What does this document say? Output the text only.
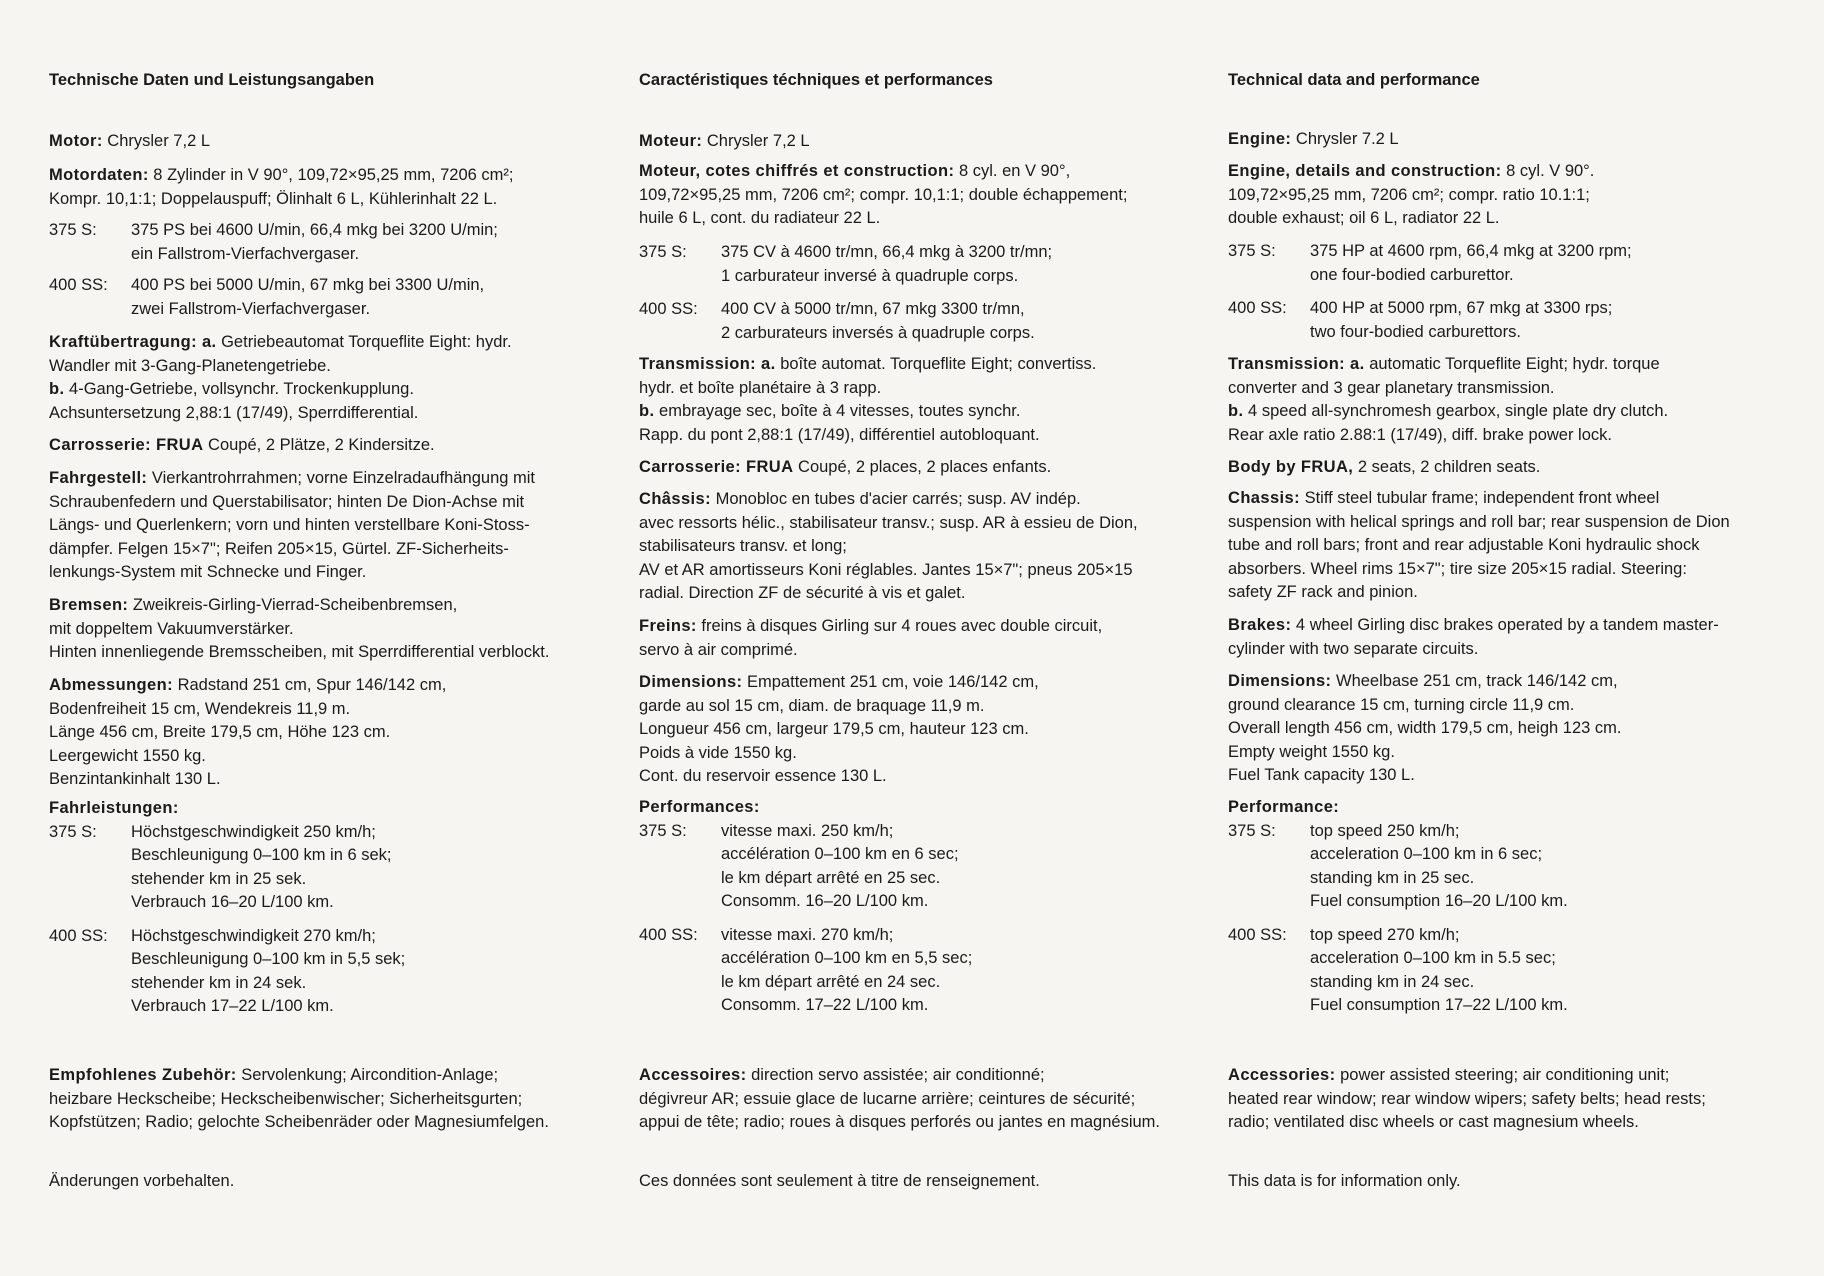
Technische Daten und Leistungsangaben
Motor: Chrysler 7,2 L
Motordaten: 8 Zylinder in V 90°, 109,72×95,25 mm, 7206 cm²;
Kompr. 10,1:1; Doppelauspuff; Ölinhalt 6 L, Kühlerinhalt 22 L.
375 S:	375 PS bei 4600 U/min, 66,4 mkg bei 3200 U/min;
ein Fallstrom-Vierfachvergaser.
400 SS:	400 PS bei 5000 U/min, 67 mkg bei 3300 U/min,
zwei Fallstrom-Vierfachvergaser.
Kraftübertragung: a. Getriebeautomat Torqueflite Eight: hydr.
Wandler mit 3-Gang-Planetengetriebe.
b. 4-Gang-Getriebe, vollsynchr. Trockenkupplung.
Achsuntersetzung 2,88:1 (17/49), Sperrdifferential.
Carrosserie: FRUA Coupé, 2 Plätze, 2 Kindersitze.
Fahrgestell: Vierkantrohrrahmen; vorne Einzelradaufhängung mit
Schraubenfedern und Querstabilisator; hinten De Dion-Achse mit
Längs- und Querlenkern; vorn und hinten verstellbare Koni-Stoss-
dämpfer. Felgen 15×7"; Reifen 205×15, Gürtel. ZF-Sicherheits-
lenkungs-System mit Schnecke und Finger.
Bremsen: Zweikreis-Girling-Vierrad-Scheibenbremsen,
mit doppeltem Vakuumverstärker.
Hinten innenliegende Bremsscheiben, mit Sperrdifferential verblockt.
Abmessungen: Radstand 251 cm, Spur 146/142 cm,
Bodenfreiheit 15 cm, Wendekreis 11,9 m.
Länge 456 cm, Breite 179,5 cm, Höhe 123 cm.
Leergewicht 1550 kg.
Benzintankinhalt 130 L.
Fahrleistungen:
375 S:	Höchstgeschwindigkeit 250 km/h;
Beschleunigung 0–100 km in 6 sek;
stehender km in 25 sek.
Verbrauch 16–20 L/100 km.
400 SS:	Höchstgeschwindigkeit 270 km/h;
Beschleunigung 0–100 km in 5,5 sek;
stehender km in 24 sek.
Verbrauch 17–22 L/100 km.
Empfohlenes Zubehör: Servolenkung; Aircondition-Anlage;
heizbare Heckscheibe; Heckscheibenwischer; Sicherheitsgurten;
Kopfstützen; Radio; gelochte Scheibenräder oder Magnesiumfelgen.
Änderungen vorbehalten.
Caractéristiques téchniques et performances
Moteur: Chrysler 7,2 L
Moteur, cotes chiffrés et construction: 8 cyl. en V 90°,
109,72×95,25 mm, 7206 cm²; compr. 10,1:1; double échappement;
huile 6 L, cont. du radiateur 22 L.
375 S:	375 CV à 4600 tr/mn, 66,4 mkg à 3200 tr/mn;
1 carburateur inversé à quadruple corps.
400 SS:	400 CV à 5000 tr/mn, 67 mkg 3300 tr/mn,
2 carburateurs inversés à quadruple corps.
Transmission: a. boîte automat. Torqueflite Eight; convertiss.
hydr. et boîte planétaire à 3 rapp.
b. embrayage sec, boîte à 4 vitesses, toutes synchr.
Rapp. du pont 2,88:1 (17/49), différentiel autobloquant.
Carrosserie: FRUA Coupé, 2 places, 2 places enfants.
Châssis: Monobloc en tubes d'acier carrés; susp. AV indép.
avec ressorts hélic., stabilisateur transv.; susp. AR à essieu de Dion,
stabilisateurs transv. et long;
AV et AR amortisseurs Koni réglables. Jantes 15×7"; pneus 205×15
radial. Direction ZF de sécurité à vis et galet.
Freins: freins à disques Girling sur 4 roues avec double circuit,
servo à air comprimé.
Dimensions: Empattement 251 cm, voie 146/142 cm,
garde au sol 15 cm, diam. de braquage 11,9 m.
Longueur 456 cm, largeur 179,5 cm, hauteur 123 cm.
Poids à vide 1550 kg.
Cont. du reservoir essence 130 L.
Performances:
375 S:	vitesse maxi. 250 km/h;
accélération 0–100 km en 6 sec;
le km départ arrêté en 25 sec.
Consomm. 16–20 L/100 km.
400 SS:	vitesse maxi. 270 km/h;
accélération 0–100 km en 5,5 sec;
le km départ arrêté en 24 sec.
Consomm. 17–22 L/100 km.
Accessoires: direction servo assistée; air conditionné;
dégivreur AR; essuie glace de lucarne arrière; ceintures de sécurité;
appui de tête; radio; roues à disques perforés ou jantes en magnésium.
Ces données sont seulement à titre de renseignement.
Technical data and performance
Engine: Chrysler 7.2 L
Engine, details and construction: 8 cyl. V 90°.
109,72×95,25 mm, 7206 cm²; compr. ratio 10.1:1;
double exhaust; oil 6 L, radiator 22 L.
375 S:	375 HP at 4600 rpm, 66,4 mkg at 3200 rpm;
one four-bodied carburettor.
400 SS:	400 HP at 5000 rpm, 67 mkg at 3300 rps;
two four-bodied carburettors.
Transmission: a. automatic Torqueflite Eight; hydr. torque
converter and 3 gear planetary transmission.
b. 4 speed all-synchromesh gearbox, single plate dry clutch.
Rear axle ratio 2.88:1 (17/49), diff. brake power lock.
Body by FRUA, 2 seats, 2 children seats.
Chassis: Stiff steel tubular frame; independent front wheel
suspension with helical springs and roll bar; rear suspension de Dion
tube and roll bars; front and rear adjustable Koni hydraulic shock
absorbers. Wheel rims 15×7"; tire size 205×15 radial. Steering:
safety ZF rack and pinion.
Brakes: 4 wheel Girling disc brakes operated by a tandem master-
cylinder with two separate circuits.
Dimensions: Wheelbase 251 cm, track 146/142 cm,
ground clearance 15 cm, turning circle 11,9 cm.
Overall length 456 cm, width 179,5 cm, heigh 123 cm.
Empty weight 1550 kg.
Fuel Tank capacity 130 L.
Performance:
375 S:	top speed 250 km/h;
acceleration 0–100 km in 6 sec;
standing km in 25 sec.
Fuel consumption 16–20 L/100 km.
400 SS:	top speed 270 km/h;
acceleration 0–100 km in 5.5 sec;
standing km in 24 sec.
Fuel consumption 17–22 L/100 km.
Accessories: power assisted steering; air conditioning unit;
heated rear window; rear window wipers; safety belts; head rests;
radio; ventilated disc wheels or cast magnesium wheels.
This data is for information only.
